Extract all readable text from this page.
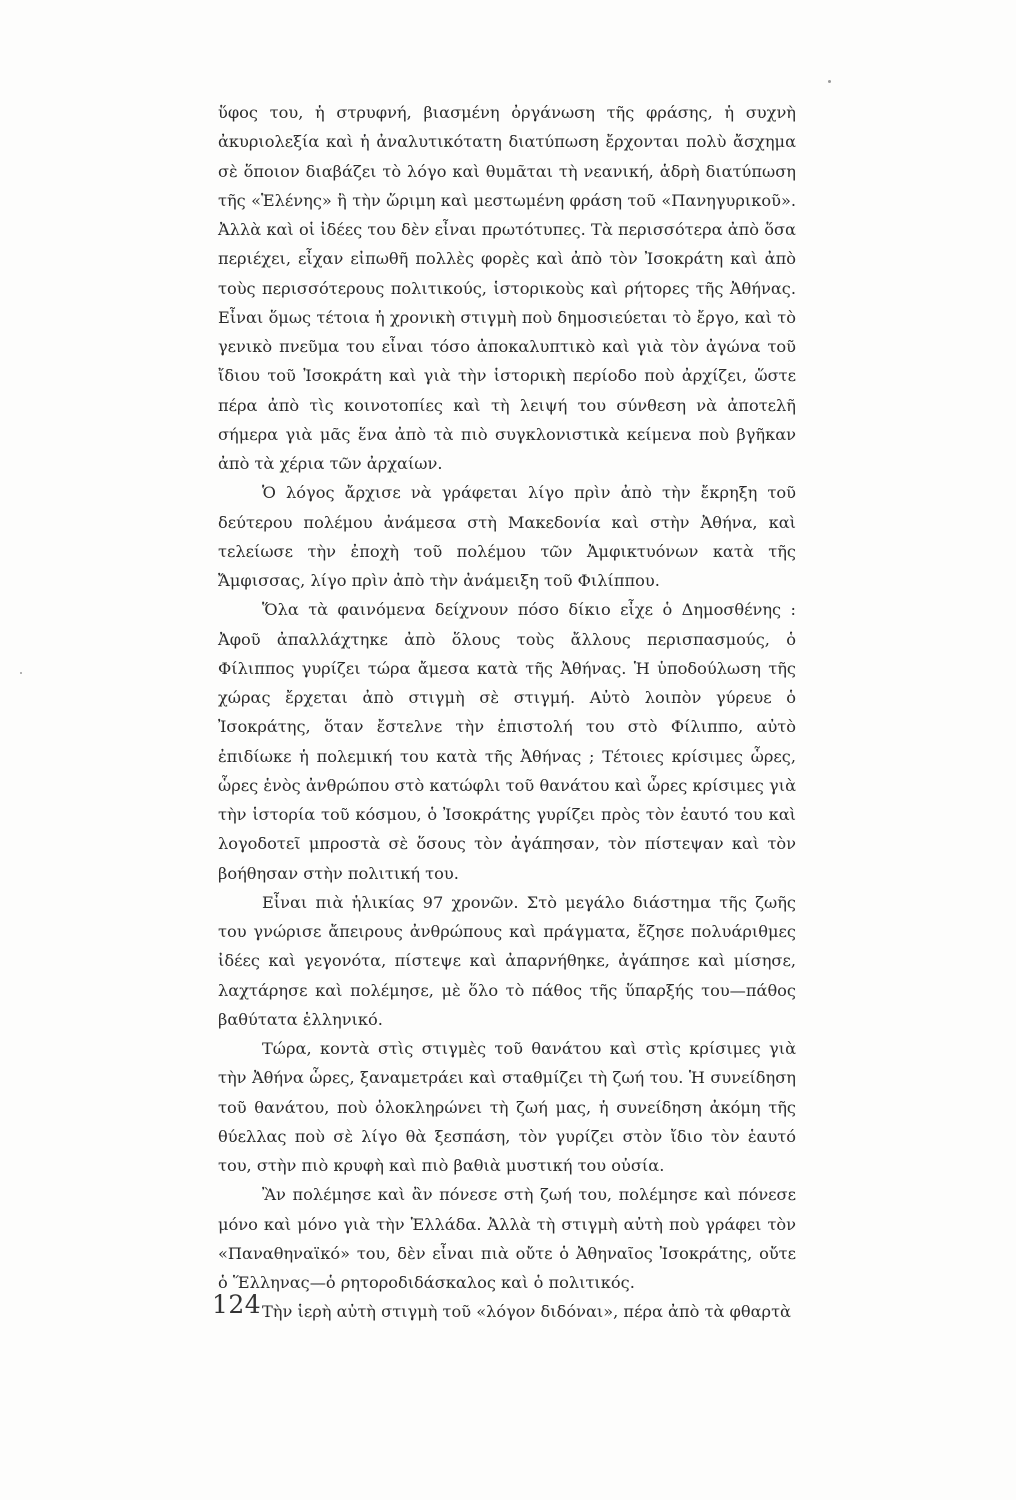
ὕφος του, ἡ στρυφνή, βιασμένη ὀργάνωση τῆς φράσης, ἡ συχνὴ ἀκυριολεξία καὶ ἡ ἀναλυτικότατη διατύπωση ἔρχονται πολὺ ἄσχημα σὲ ὅποιον διαβάζει τὸ λόγο καὶ θυμᾶται τὴ νεανική, ἁδρὴ διατύπωση τῆς «Ἑλένης» ἢ τὴν ὥριμη καὶ μεστωμένη φράση τοῦ «Πανηγυρικοῦ». Ἀλλὰ καὶ οἱ ἰδέες του δὲν εἶναι πρωτότυπες. Τὰ περισσότερα ἀπὸ ὅσα περιέχει, εἶχαν εἰπωθῆ πολλὲς φορὲς καὶ ἀπὸ τὸν Ἰσοκράτη καὶ ἀπὸ τοὺς περισσότερους πολιτικούς, ἱστορικοὺς καὶ ρήτορες τῆς Ἀθήνας. Εἶναι ὅμως τέτοια ἡ χρονικὴ στιγμὴ ποὺ δημοσιεύεται τὸ ἔργο, καὶ τὸ γενικὸ πνεῦμα του εἶναι τόσο ἀποκαλυπτικὸ καὶ γιὰ τὸν ἀγώνα τοῦ ἴδιου τοῦ Ἰσοκράτη καὶ γιὰ τὴν ἱστορικὴ περίοδο ποὺ ἀρχίζει, ὥστε πέρα ἀπὸ τὶς κοινοτοπίες καὶ τὴ λειψή του σύνθεση νὰ ἀποτελῆ σήμερα γιὰ μᾶς ἕνα ἀπὸ τὰ πιὸ συγκλονιστικὰ κείμενα ποὺ βγῆκαν ἀπὸ τὰ χέρια τῶν ἀρχαίων.

Ὁ λόγος ἄρχισε νὰ γράφεται λίγο πρὶν ἀπὸ τὴν ἔκρηξη τοῦ δεύτερου πολέμου ἀνάμεσα στὴ Μακεδονία καὶ στὴν Ἀθήνα, καὶ τελείωσε τὴν ἐποχὴ τοῦ πολέμου τῶν Ἀμφικτυόνων κατὰ τῆς Ἄμφισσας, λίγο πρὶν ἀπὸ τὴν ἀνάμειξη τοῦ Φιλίππου.

Ὅλα τὰ φαινόμενα δείχνουν πόσο δίκιο εἶχε ὁ Δημοσθένης : Ἀφοῦ ἀπαλλάχτηκε ἀπὸ ὅλους τοὺς ἄλλους περισπασμούς, ὁ Φίλιππος γυρίζει τώρα ἄμεσα κατὰ τῆς Ἀθήνας. Ἡ ὑποδούλωση τῆς χώρας ἔρχεται ἀπὸ στιγμὴ σὲ στιγμή. Αὐτὸ λοιπὸν γύρευε ὁ Ἰσοκράτης, ὅταν ἔστελνε τὴν ἐπιστολή του στὸ Φίλιππο, αὐτὸ ἐπιδίωκε ἡ πολεμική του κατὰ τῆς Ἀθήνας ; Τέτοιες κρίσιμες ὧρες, ὧρες ἑνὸς ἀνθρώπου στὸ κατώφλι τοῦ θανάτου καὶ ὧρες κρίσιμες γιὰ τὴν ἱστορία τοῦ κόσμου, ὁ Ἰσοκράτης γυρίζει πρὸς τὸν ἑαυτό του καὶ λογοδοτεῖ μπροστὰ σὲ ὅσους τὸν ἀγάπησαν, τὸν πίστεψαν καὶ τὸν βοήθησαν στὴν πολιτική του.

Εἶναι πιὰ ἡλικίας 97 χρονῶν. Στὸ μεγάλο διάστημα τῆς ζωῆς του γνώρισε ἄπειρους ἀνθρώπους καὶ πράγματα, ἔζησε πολυάριθμες ἰδέες καὶ γεγονότα, πίστεψε καὶ ἀπαρνήθηκε, ἀγάπησε καὶ μίσησε, λαχτάρησε καὶ πολέμησε, μὲ ὅλο τὸ πάθος τῆς ὕπαρξής του—πάθος βαθύτατα ἑλληνικό.

Τώρα, κοντὰ στὶς στιγμὲς τοῦ θανάτου καὶ στὶς κρίσιμες γιὰ τὴν Ἀθήνα ὧρες, ξαναμετράει καὶ σταθμίζει τὴ ζωή του. Ἡ συνείδηση τοῦ θανάτου, ποὺ ὁλοκληρώνει τὴ ζωή μας, ἡ συνείδηση ἀκόμη τῆς θύελλας ποὺ σὲ λίγο θὰ ξεσπάση, τὸν γυρίζει στὸν ἴδιο τὸν ἑαυτό του, στὴν πιὸ κρυφὴ καὶ πιὸ βαθιὰ μυστική του οὐσία.

Ἂν πολέμησε καὶ ἂν πόνεσε στὴ ζωή του, πολέμησε καὶ πόνεσε μόνο καὶ μόνο γιὰ τὴν Ἑλλάδα. Ἀλλὰ τὴ στιγμὴ αὐτὴ ποὺ γράφει τὸν «Παναθηναϊκό» του, δὲν εἶναι πιὰ οὔτε ὁ Ἀθηναῖος Ἰσοκράτης, οὔτε ὁ Ἕλληνας—ὁ ρητοροδιδάσκαλος καὶ ὁ πολιτικός.

Τὴν ἱερὴ αὐτὴ στιγμὴ τοῦ «λόγον διδόναι», πέρα ἀπὸ τὰ φθαρτὰ

124
